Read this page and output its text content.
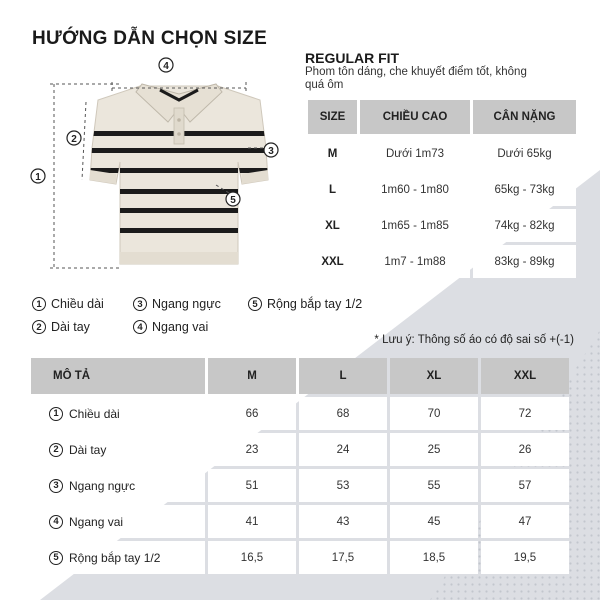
HƯỚNG DẪN CHỌN SIZE
REGULAR FIT
Phom tôn dáng, che khuyết điểm tốt, không quá ôm
4
1
2
3
5
1 Chiều dài
2 Dài tay
3 Ngang ngực
4 Ngang vai
5 Rộng bắp tay 1/2
SIZE	CHIỀU CAO	CÂN NẶNG
M	Dưới 1m73	Dưới 65kg
L	1m60 - 1m80	65kg - 73kg
XL	1m65 - 1m85	74kg - 82kg
XXL	1m7 - 1m88	83kg - 89kg
* Lưu ý: Thông số áo có độ sai số +(-1)
MÔ TẢ	M	L	XL	XXL

1 Chiều dài	66	68	70	72

2 Dài tay	23	24	25	26

3 Ngang ngực	51	53	55	57

4 Ngang vai	41	43	45	47

5 Rộng bắp tay 1/2	16,5	17,5	18,5	19,5
